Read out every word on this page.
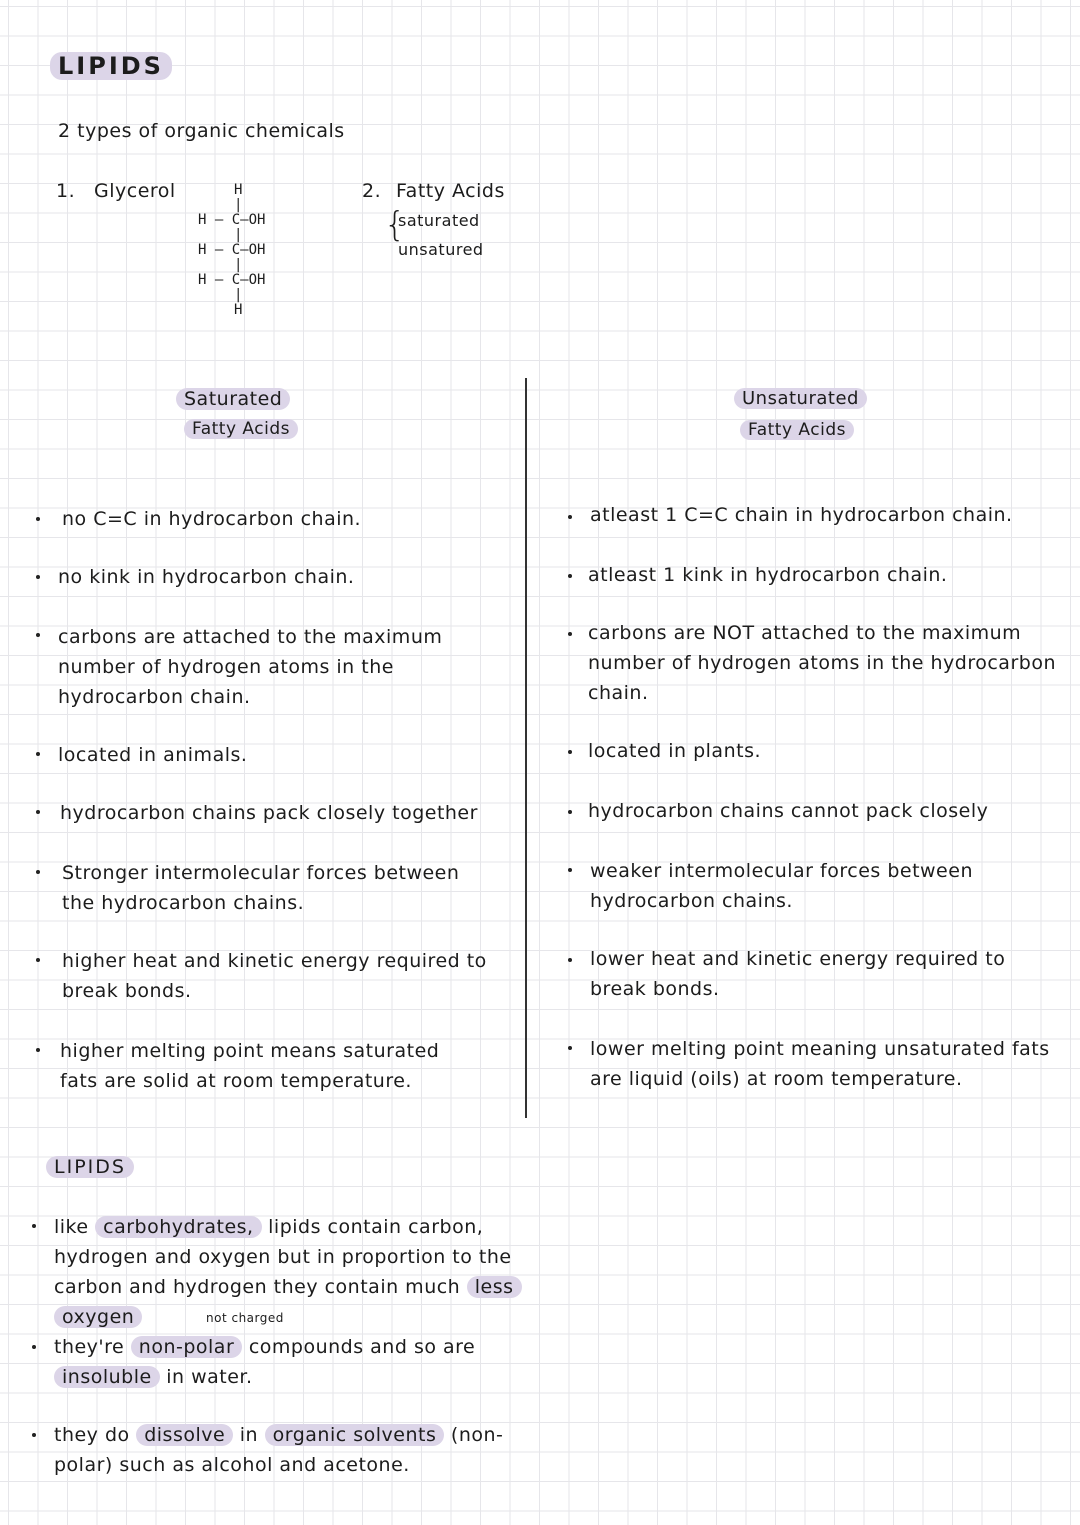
LIPIDS
2 types of organic chemicals
1. Glycerol	H
|
H — C—OH
|
H — C—OH
|
H — C—OH
|
H
2. Fatty Acids
{
saturated
unsatured
Saturated
Fatty Acids
Unsaturated
Fatty Acids
no C=C in hydrocarbon chain.
no kink in hydrocarbon chain.
carbons are attached to the maximum number of hydrogen atoms in the hydrocarbon chain.
located in animals.
hydrocarbon chains pack closely together
Stronger intermolecular forces between the hydrocarbon chains.
higher heat and kinetic energy required to break bonds.
higher melting point means saturated fats are solid at room temperature.
atleast 1 C=C chain in hydrocarbon chain.
atleast 1 kink in hydrocarbon chain.
carbons are NOT attached to the maximum number of hydrogen atoms in the hydrocarbon chain.
located in plants.
hydrocarbon chains cannot pack closely
weaker intermolecular forces between hydrocarbon chains.
lower heat and kinetic energy required to break bonds.
lower melting point meaning unsaturated fats are liquid (oils) at room temperature.
LIPIDS
like carbohydrates, lipids contain carbon, hydrogen and oxygen but in proportion to the carbon and hydrogen they contain much less oxygen	not charged
they're non-polar compounds and so are insoluble in water.
they do dissolve in organic solvents (non-polar) such as alcohol and acetone.
